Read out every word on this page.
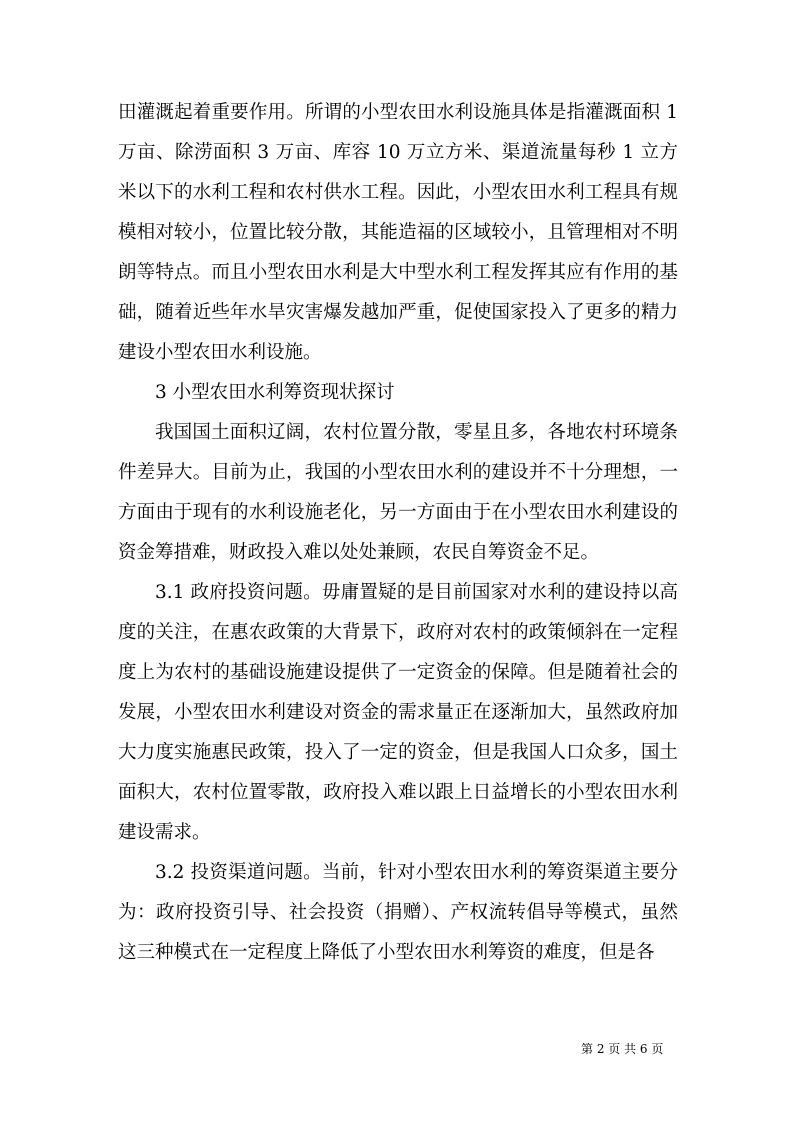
田灌溉起着重要作用。所谓的小型农田水利设施具体是指灌溉面积 1 万亩、除涝面积 3 万亩、库容 10 万立方米、渠道流量每秒 1 立方米以下的水利工程和农村供水工程。因此，小型农田水利工程具有规模相对较小，位置比较分散，其能造福的区域较小，且管理相对不明朗等特点。而且小型农田水利是大中型水利工程发挥其应有作用的基础，随着近些年水旱灾害爆发越加严重，促使国家投入了更多的精力建设小型农田水利设施。

3 小型农田水利筹资现状探讨

我国国土面积辽阔，农村位置分散，零星且多，各地农村环境条件差异大。目前为止，我国的小型农田水利的建设并不十分理想，一方面由于现有的水利设施老化，另一方面由于在小型农田水利建设的资金筹措难，财政投入难以处处兼顾，农民自筹资金不足。

3.1 政府投资问题。毋庸置疑的是目前国家对水利的建设持以高度的关注，在惠农政策的大背景下，政府对农村的政策倾斜在一定程度上为农村的基础设施建设提供了一定资金的保障。但是随着社会的发展，小型农田水利建设对资金的需求量正在逐渐加大，虽然政府加大力度实施惠民政策，投入了一定的资金，但是我国人口众多，国土面积大，农村位置零散，政府投入难以跟上日益增长的小型农田水利建设需求。

3.2 投资渠道问题。当前，针对小型农田水利的筹资渠道主要分为：政府投资引导、社会投资（捐赠）、产权流转倡导等模式，虽然这三种模式在一定程度上降低了小型农田水利筹资的难度，但是各

第 2 页 共 6 页
